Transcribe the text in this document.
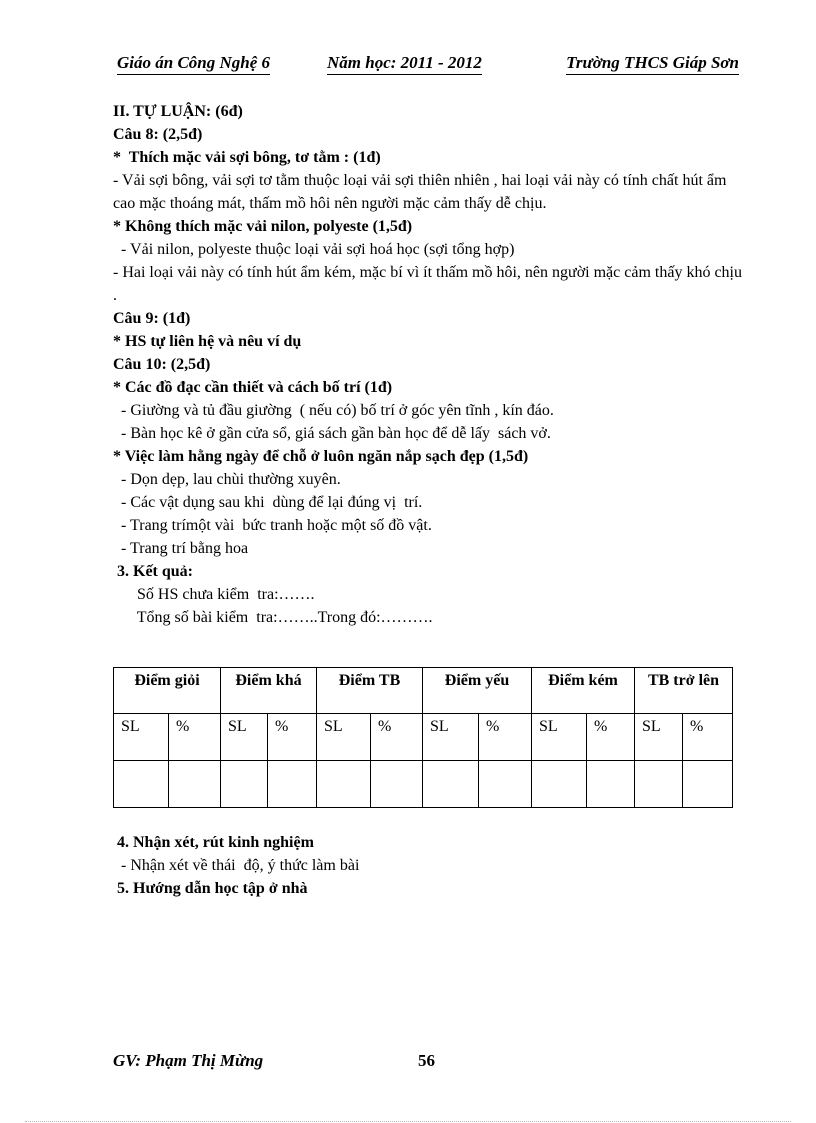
Giáo án Công Nghệ 6	Năm học: 2011 - 2012	Trường THCS Giáp Sơn
II. TỰ LUẬN: (6đ)
Câu 8: (2,5đ)
*  Thích mặc vải sợi bông, tơ tằm : (1đ)
- Vải sợi bông, vải sợi tơ tằm thuộc loại vải sợi thiên nhiên , hai loại vải này có tính chất hút ẩm cao mặc thoáng mát, thấm mồ hôi nên người mặc cảm thấy dễ chịu.
* Không thích mặc vải nilon, polyeste (1,5đ)
- Vải nilon, polyeste thuộc loại vải sợi hoá học (sợi tổng hợp)
- Hai loại vải này có tính hút ẩm kém, mặc bí vì ít thấm mồ hôi, nên người mặc cảm thấy khó chịu .
Câu 9: (1đ)
* HS tự liên hệ và nêu ví dụ
Câu 10: (2,5đ)
* Các đồ đạc cần thiết và cách bố trí (1đ)
- Giường và tủ đầu giường  ( nếu có) bố trí ở góc yên tĩnh , kín đáo.
- Bàn học kê ở gần cửa sổ, giá sách gần bàn học để dễ lấy  sách vở.
* Việc làm hằng ngày để chỗ ở luôn ngăn nắp sạch đẹp (1,5đ)
- Dọn dẹp, lau chùi thường xuyên.
- Các vật dụng sau khi  dùng để lại đúng vị  trí.
- Trang trímột vài  bức tranh hoặc một số đồ vật.
- Trang trí bằng hoa
3. Kết quả:
Số HS chưa kiểm  tra:…….
Tổng số bài kiểm  tra:……..Trong đó:……….
Điểm giỏi		Điểm khá		Điểm TB		Điểm yếu		Điểm kém		TB trở lên	
SL	%	SL	%	SL	%	SL	%	SL	%	SL	%

4. Nhận xét, rút kinh nghiệm
- Nhận xét về thái  độ, ý thức làm bài
5. Hướng dẫn học tập ở nhà
GV: Phạm Thị Mừng	56
